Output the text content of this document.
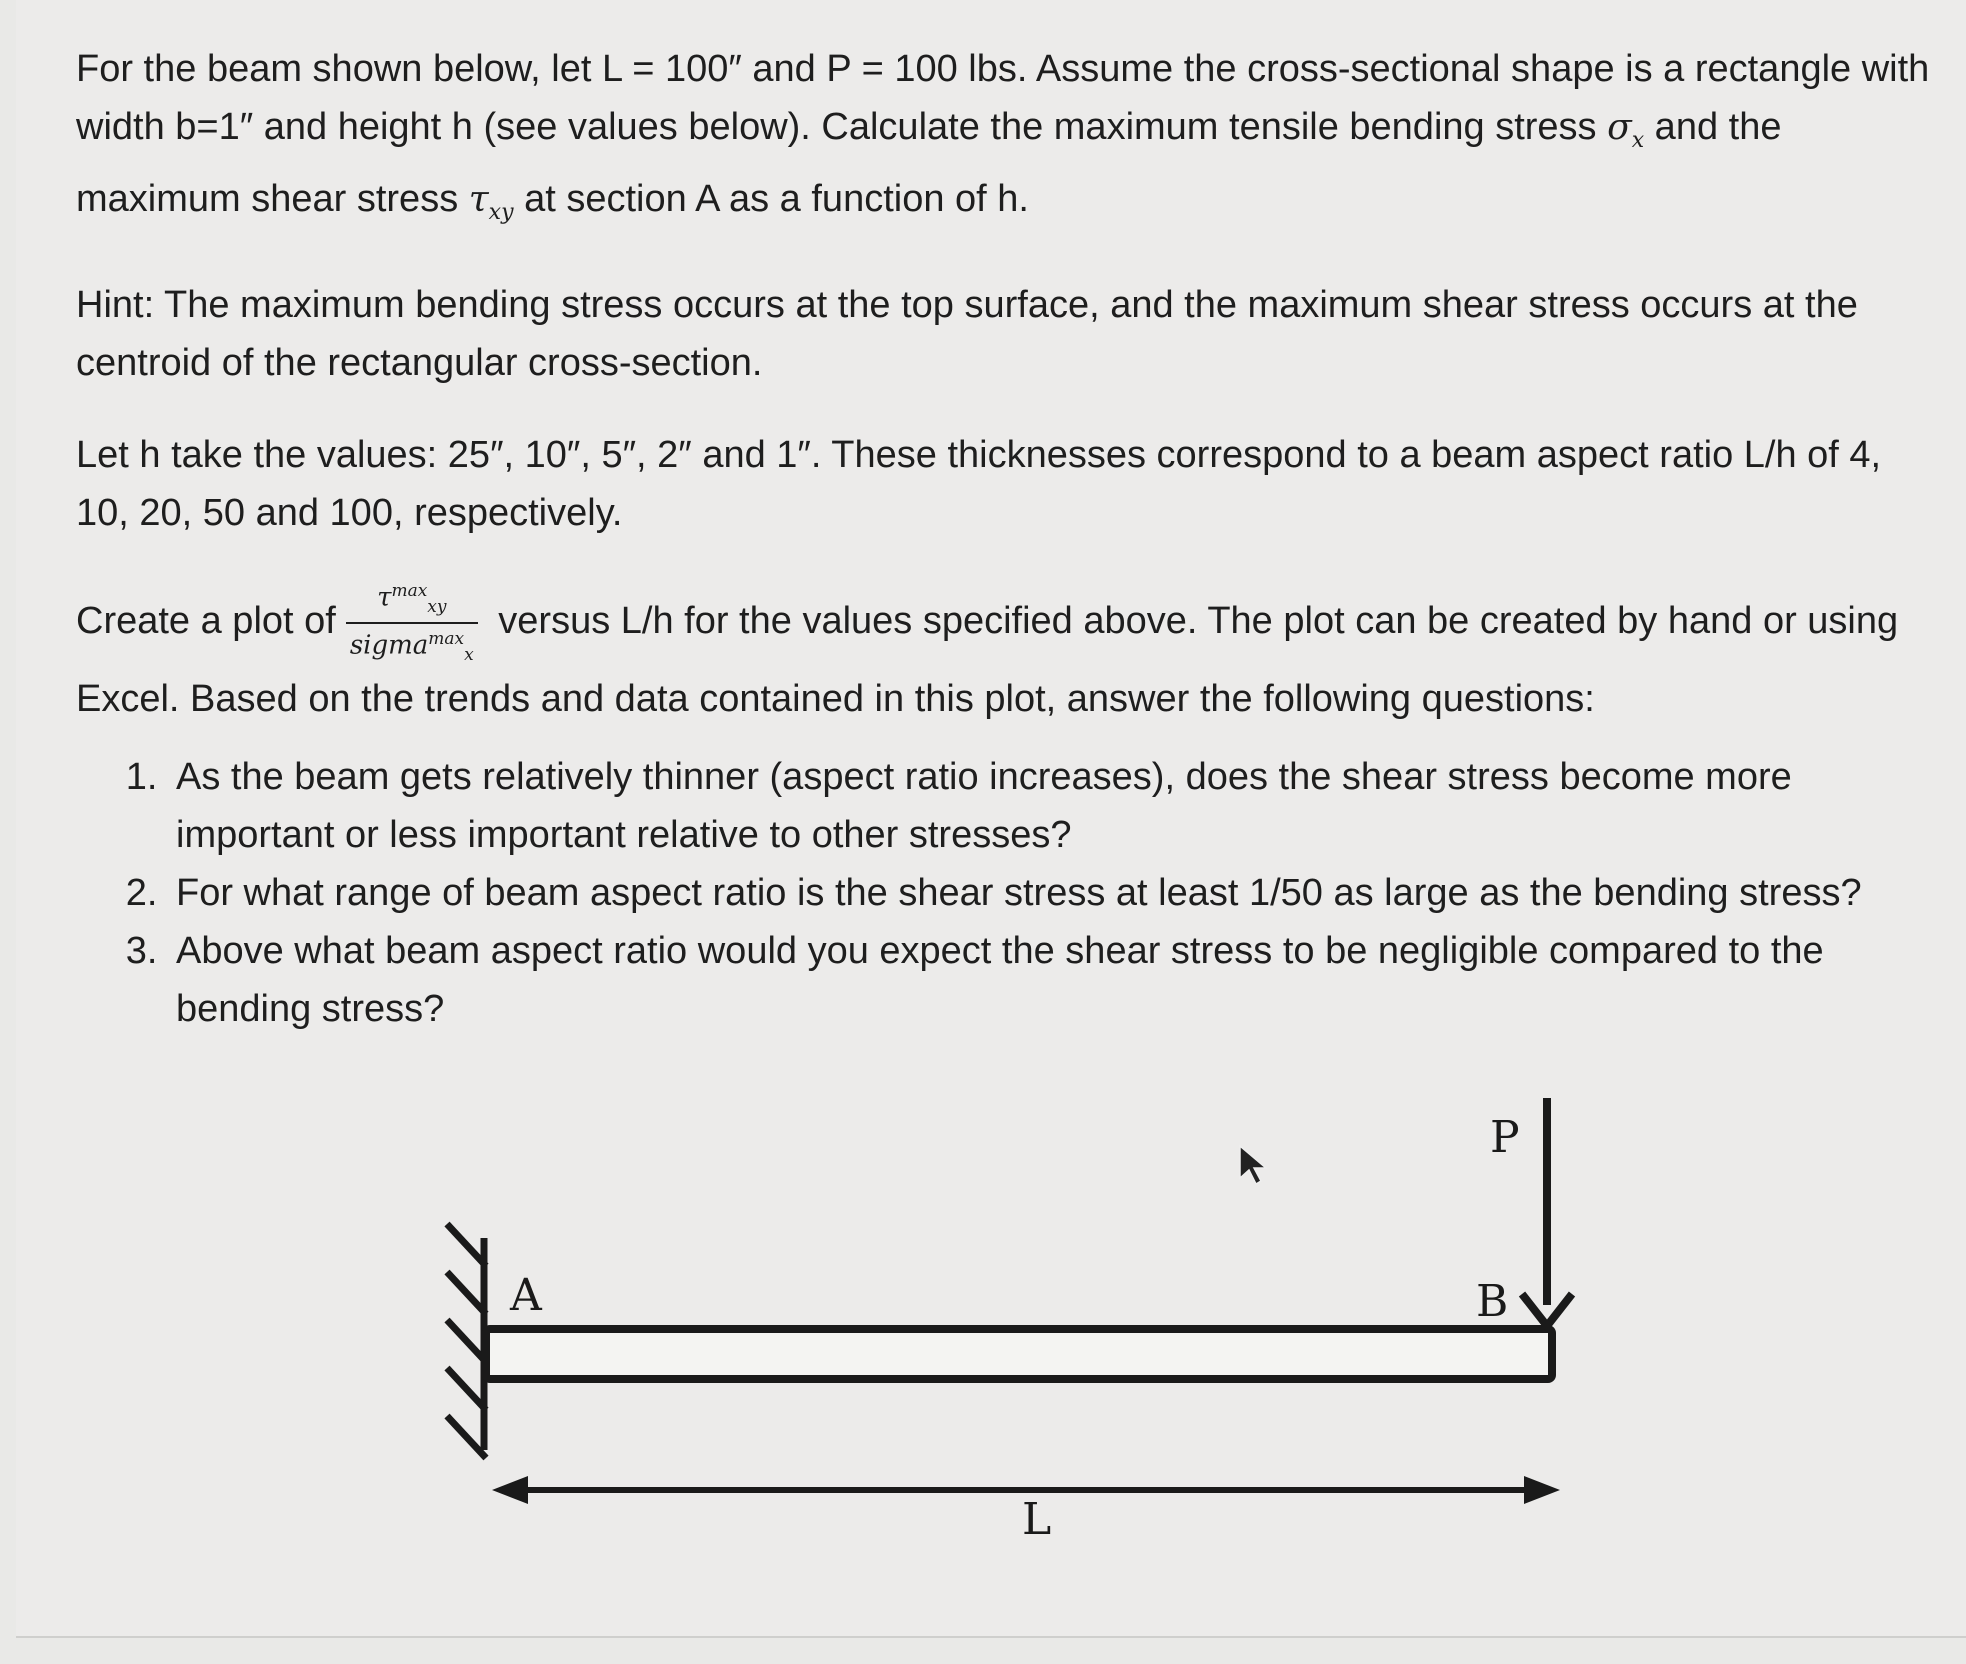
For the beam shown below, let L = 100″ and P = 100 lbs. Assume the cross-sectional shape is a rectangle with width b=1″ and height h (see values below). Calculate the maximum tensile bending stress $\sigma_x$ and the maximum shear stress $\tau_{xy}$ at section A as a function of h.

Hint: The maximum bending stress occurs at the top surface, and the maximum shear stress occurs at the centroid of the rectangular cross-section.

Let h take the values: 25″, 10″, 5″, 2″ and 1″. These thicknesses correspond to a beam aspect ratio L/h of 4, 10, 20, 50 and 100, respectively.

Create a plot of $\frac{\tau^{max}_{xy}}{sigma^{max}_x}$ versus L/h for the values specified above. The plot can be created by hand or using Excel. Based on the trends and data contained in this plot, answer the following questions:

1. As the beam gets relatively thinner (aspect ratio increases), does the shear stress become more important or less important relative to other stresses?
2. For what range of beam aspect ratio is the shear stress at least 1/50 as large as the bending stress?
3. Above what beam aspect ratio would you expect the shear stress to be negligible compared to the bending stress?
A	B
P
L
